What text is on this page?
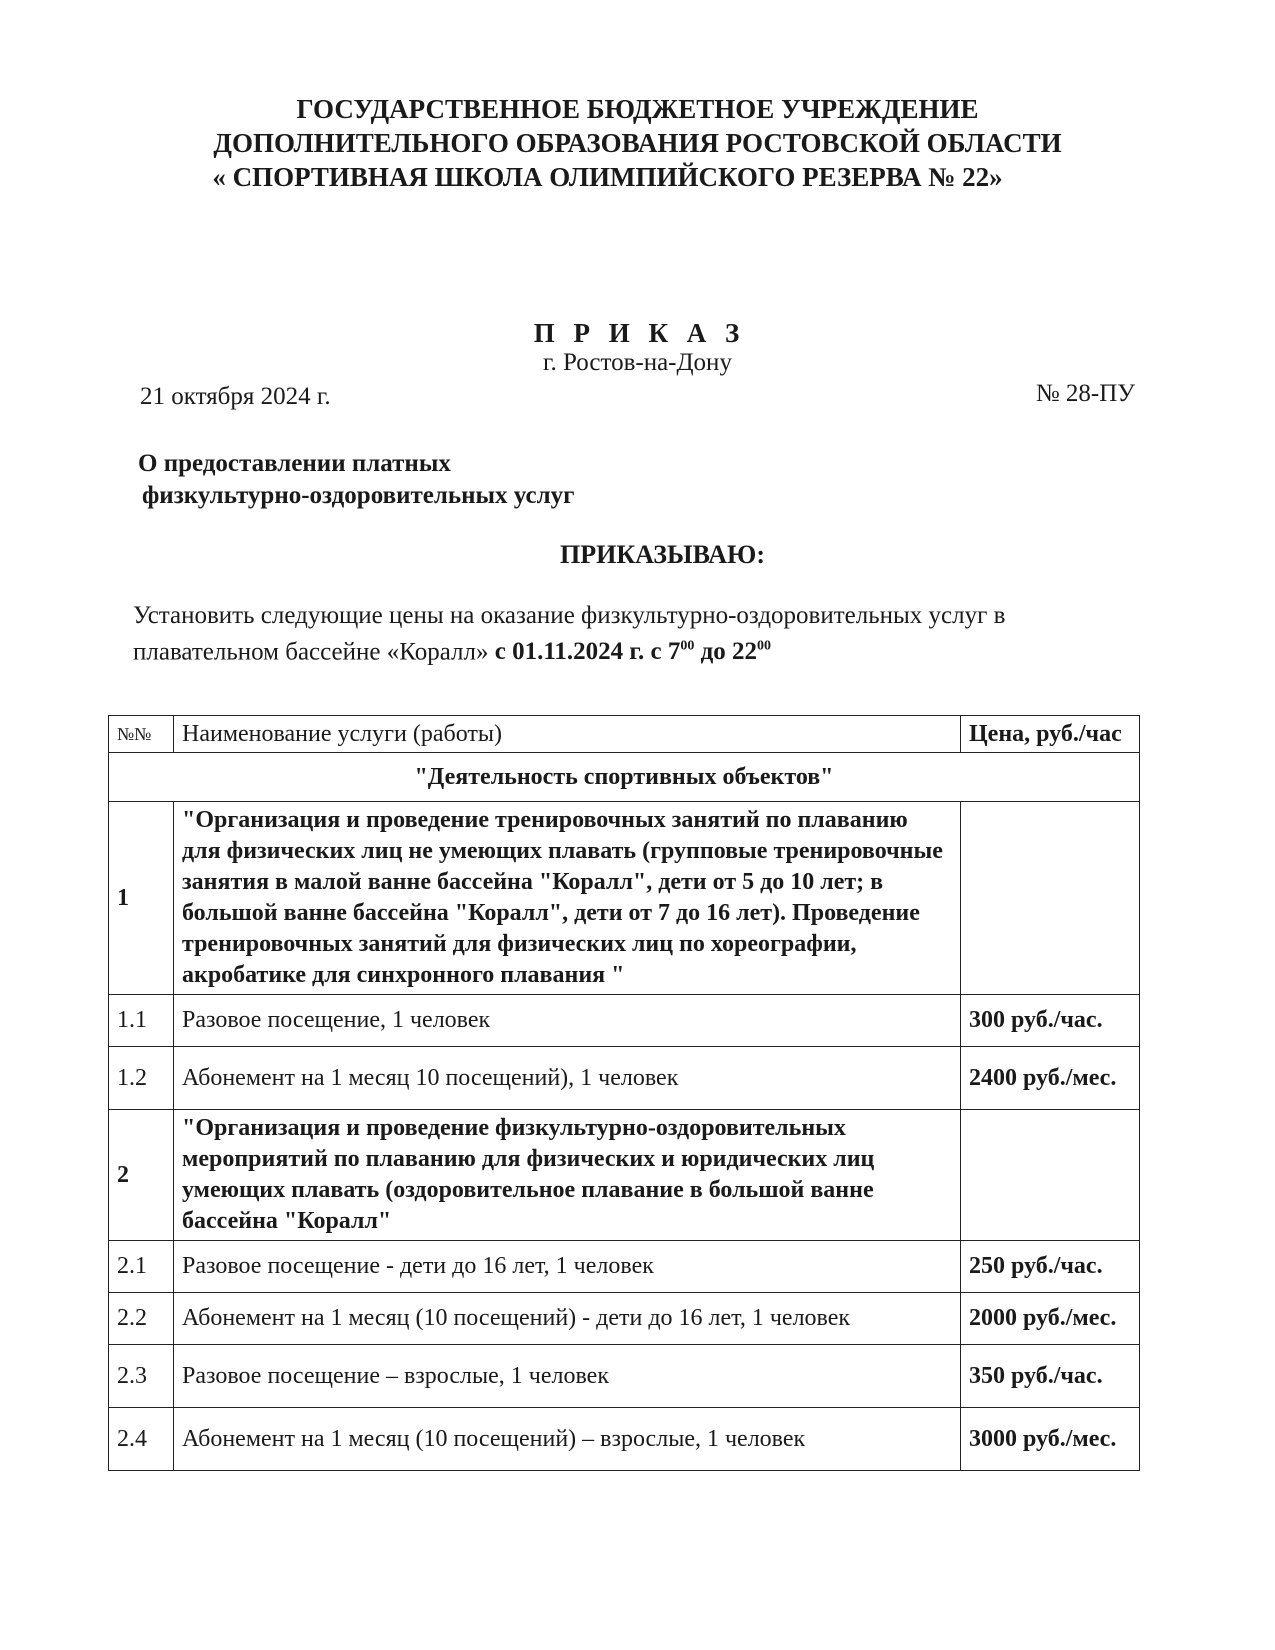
ГОСУДАРСТВЕННОЕ БЮДЖЕТНОЕ УЧРЕЖДЕНИЕ
ДОПОЛНИТЕЛЬНОГО ОБРАЗОВАНИЯ РОСТОВСКОЙ ОБЛАСТИ
« СПОРТИВНАЯ ШКОЛА ОЛИМПИЙСКОГО РЕЗЕРВА № 22»
П Р И К А З
г. Ростов-на-Дону
21 октября 2024 г.	№ 28-ПУ
О предоставлении платных
физкультурно-оздоровительных услуг
ПРИКАЗЫВАЮ:
Установить следующие цены на оказание физкультурно-оздоровительных услуг в плавательном бассейне «Коралл» с 01.11.2024 г. с $7^{00}$ до $22^{00}$
№№	Наименование услуги (работы)	Цена, руб./час
"Деятельность спортивных объектов"		
1	"Организация и проведение тренировочных занятий по плаванию для физических лиц не умеющих плавать (групповые тренировочные занятия в малой ванне бассейна "Коралл", дети от 5 до 10 лет; в большой ванне бассейна "Коралл", дети от 7 до 16 лет). Проведение тренировочных занятий для физических лиц по хореографии, акробатике для синхронного плавания "	
1.1	Разовое посещение, 1 человек	300 руб./час.
1.2	Абонемент на 1 месяц 10 посещений), 1 человек	2400 руб./мес.
2	"Организация и проведение физкультурно-оздоровительных мероприятий по плаванию для физических и юридических лиц умеющих плавать (оздоровительное плавание в большой ванне бассейна "Коралл"	
2.1	Разовое посещение - дети до 16 лет, 1 человек	250 руб./час.
2.2	Абонемент на 1 месяц (10 посещений) - дети до 16 лет, 1 человек	2000 руб./мес.
2.3	Разовое посещение – взрослые, 1 человек	350 руб./час.
2.4	Абонемент на 1 месяц (10 посещений) – взрослые, 1 человек	3000 руб./мес.
